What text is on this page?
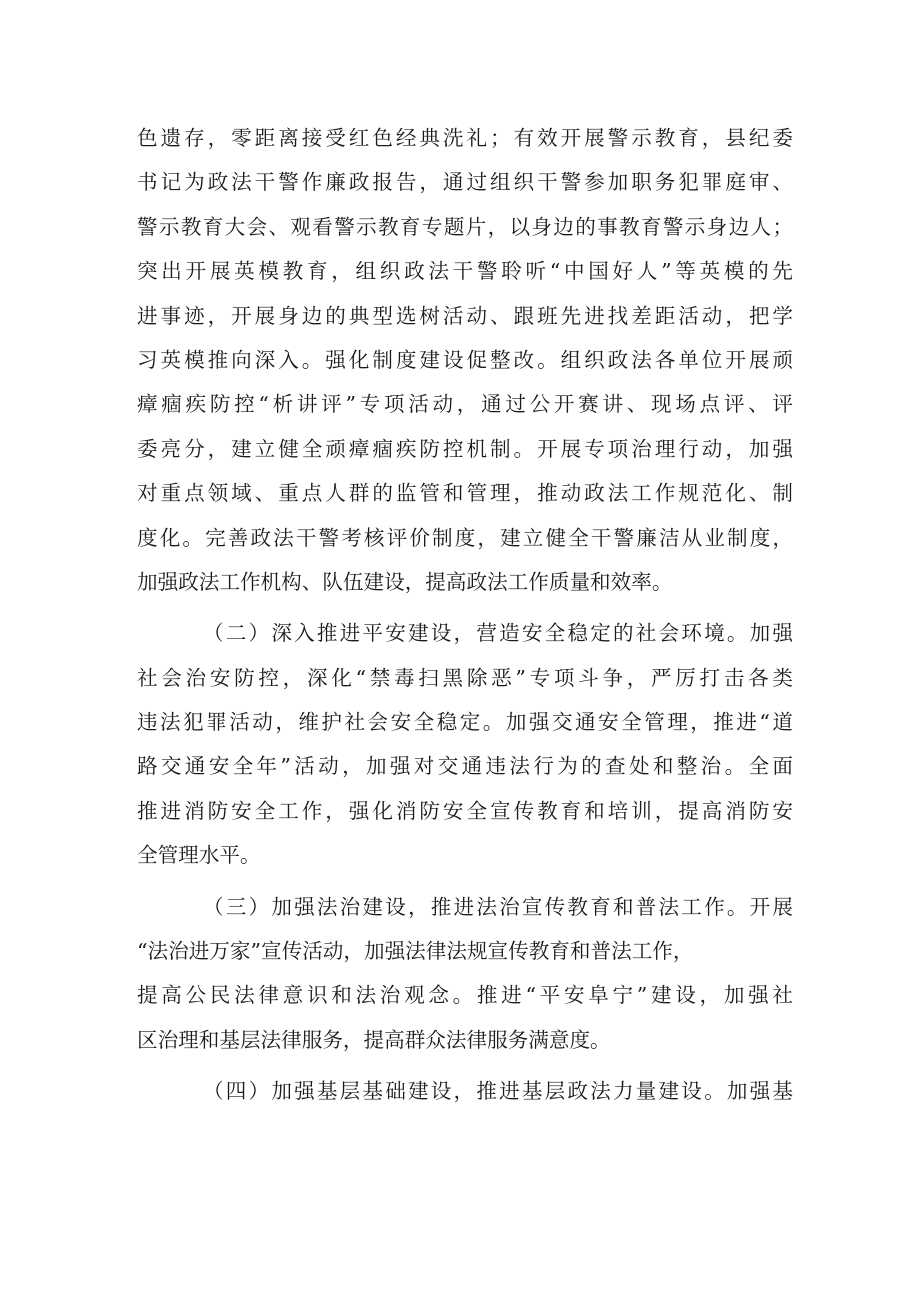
色遗存，零距离接受红色经典洗礼；有效开展警示教育，县纪委
书记为政法干警作廉政报告，通过组织干警参加职务犯罪庭审、
警示教育大会、观看警示教育专题片，以身边的事教育警示身边人；
突出开展英模教育，组织政法干警聆听“中国好人”等英模的先
进事迹，开展身边的典型选树活动、跟班先进找差距活动，把学
习英模推向深入。强化制度建设促整改。组织政法各单位开展顽
瘴痼疾防控“析讲评”专项活动，通过公开赛讲、现场点评、评
委亮分，建立健全顽瘴痼疾防控机制。开展专项治理行动，加强
对重点领域、重点人群的监管和管理，推动政法工作规范化、制
度化。完善政法干警考核评价制度，建立健全干警廉洁从业制度，
加强政法工作机构、队伍建设，提高政法工作质量和效率。
（二）深入推进平安建设，营造安全稳定的社会环境。加强
社会治安防控，深化“禁毒扫黑除恶”专项斗争，严厉打击各类
违法犯罪活动，维护社会安全稳定。加强交通安全管理，推进“道
路交通安全年”活动，加强对交通违法行为的查处和整治。全面
推进消防安全工作，强化消防安全宣传教育和培训，提高消防安
全管理水平。
（三）加强法治建设，推进法治宣传教育和普法工作。开展
“法治进万家”宣传活动，加强法律法规宣传教育和普法工作，
提高公民法律意识和法治观念。推进“平安阜宁”建设，加强社
区治理和基层法律服务，提高群众法律服务满意度。
（四）加强基层基础建设，推进基层政法力量建设。加强基
